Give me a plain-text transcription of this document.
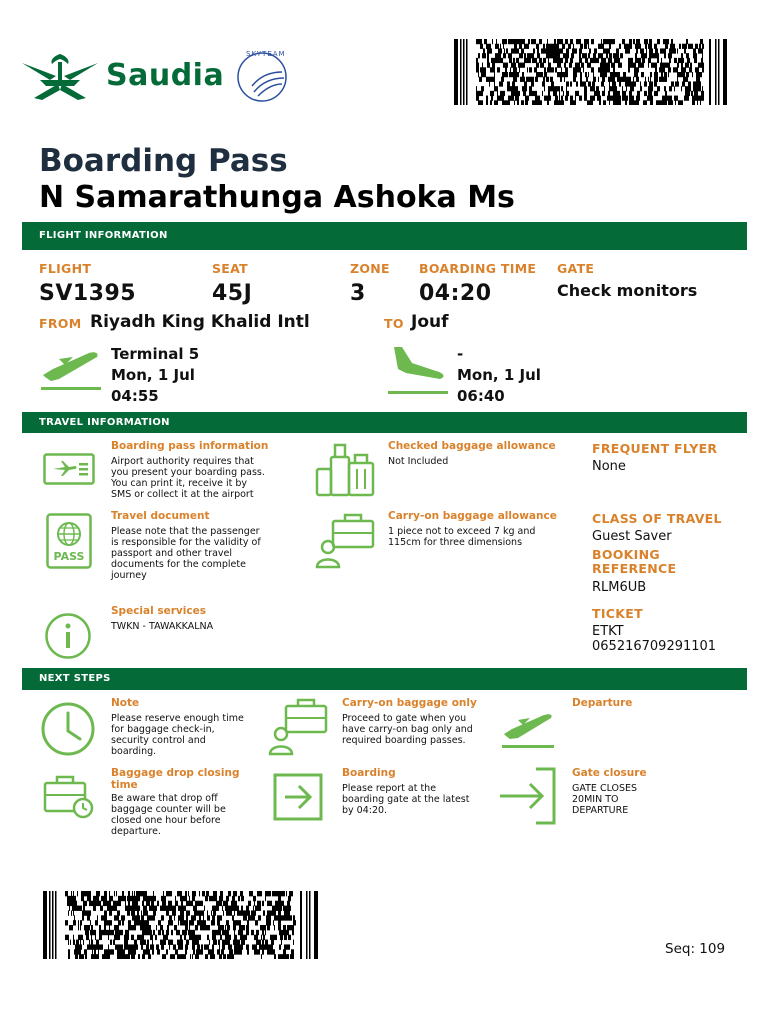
Saudia
SKYTEAM
Boarding Pass
N Samarathunga Ashoka Ms
FLIGHT INFORMATION
FLIGHT
SV1395
SEAT
45J
ZONE
3
BOARDING TIME
04:20
GATE
Check monitors
FROM Riyadh King Khalid Intl	TO Jouf
Terminal 5
Mon, 1 Jul
04:55
-
Mon, 1 Jul
06:40
TRAVEL INFORMATION
Boarding pass information
Airport authority requires that
you present your boarding pass.
You can print it, receive it by
SMS or collect it at the airport
PASS
Travel document
Please note that the passenger
is responsible for the validity of
passport and other travel
documents for the complete
journey
Special services
TWKN - TAWAKKALNA
Checked baggage allowance
Not Included
Carry-on baggage allowance
1 piece not to exceed 7 kg and
115cm for three dimensions
FREQUENT FLYER
None
CLASS OF TRAVEL
Guest Saver
BOOKING
REFERENCE
RLM6UB
TICKET
ETKT
065216709291101
NEXT STEPS
Note
Please reserve enough time
for baggage check-in,
security control and
boarding.
Carry-on baggage only
Proceed to gate when you
have carry-on bag only and
required boarding passes.
Departure
Baggage drop closing
time
Be aware that drop off
baggage counter will be
closed one hour before
departure.
Boarding
Please report at the
boarding gate at the latest
by 04:20.
Gate closure
GATE CLOSES
20MIN TO
DEPARTURE
Seq: 109
